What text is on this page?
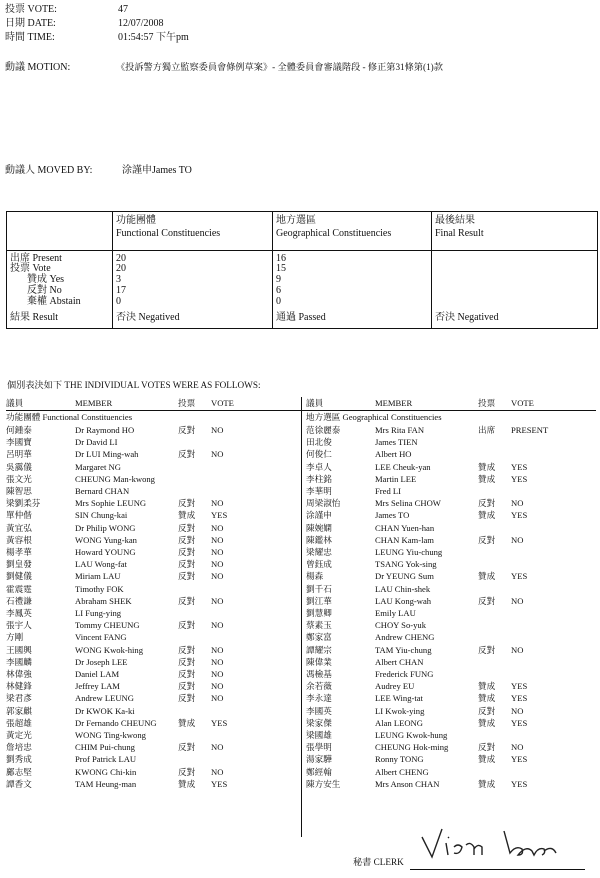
投票 VOTE:	47
日期 DATE:	12/07/2008
時間 TIME:	01:54:57 下午pm
動議 MOTION:	《投訴警方獨立監察委員會條例草案》- 全體委員會審議階段 - 修正第31條第(1)款
動議人 MOVED BY:	涂謹申James TO
功能團體
Functional Constituencies
地方選區
Geographical Constituencies
最後結果
Final Result
出席 Present	20	16
投票 Vote	20	15
贊成 Yes	3	9
反對 No	17	6
棄權 Abstain	0	0
結果 Result	否決 Negatived	通過 Passed	否決 Negatived
個別表決如下 THE INDIVIDUAL VOTES WERE AS FOLLOWS:
議員	MEMBER	投票 VOTE	議員	MEMBER	投票 VOTE
功能團體 Functional Constituencies	地方選區 Geographical Constituencies
何鍾泰	Dr Raymond HO	反對 NO
李國寶	Dr David LI
呂明華	Dr LUI Ming-wah	反對 NO
吳靄儀	Margaret NG
張文光	CHEUNG Man-kwong
陳智思	Bernard CHAN
梁劉柔芬	Mrs Sophie LEUNG	反對 NO
單仲偕	SIN Chung-kai	贊成 YES
黃宜弘	Dr Philip WONG	反對 NO
黃容根	WONG Yung-kan	反對 NO
楊孝華	Howard YOUNG	反對 NO
劉皇發	LAU Wong-fat	反對 NO
劉健儀	Miriam LAU	反對 NO
霍震霆	Timothy FOK
石禮謙	Abraham SHEK	反對 NO
李鳳英	LI Fung-ying
張宇人	Tommy CHEUNG	反對 NO
方剛	Vincent FANG
王國興	WONG Kwok-hing	反對 NO
李國麟	Dr Joseph LEE	反對 NO
林偉強	Daniel LAM	反對 NO
林健鋒	Jeffrey LAM	反對 NO
梁君彥	Andrew LEUNG	反對 NO
郭家麒	Dr KWOK Ka-ki
張超雄	Dr Fernando CHEUNG 贊成 YES
黃定光	WONG Ting-kwong
詹培忠	CHIM Pui-chung	反對 NO
劉秀成	Prof Patrick LAU
鄺志堅	KWONG Chi-kin	反對 NO
譚香文	TAM Heung-man	贊成 YES
范徐麗泰	Mrs Rita FAN	出席 PRESENT
田北俊	James TIEN
何俊仁	Albert HO
李卓人	LEE Cheuk-yan	贊成 YES
李柱銘	Martin LEE	贊成 YES
李華明	Fred LI
周梁淑怡	Mrs Selina CHOW	反對 NO
涂謹申	James TO	贊成 YES
陳婉嫻	CHAN Yuen-han
陳鑑林	CHAN Kam-lam	反對 NO
梁耀忠	LEUNG Yiu-chung
曾鈺成	TSANG Yok-sing
楊森	Dr YEUNG Sum	贊成 YES
劉千石	LAU Chin-shek
劉江華	LAU Kong-wah	反對 NO
劉慧卿	Emily LAU
蔡素玉	CHOY So-yuk
鄭家富	Andrew CHENG
譚耀宗	TAM Yiu-chung	反對 NO
陳偉業	Albert CHAN
馮檢基	Frederick FUNG
余若薇	Audrey EU	贊成 YES
李永達	LEE Wing-tat	贊成 YES
李國英	LI Kwok-ying	反對 NO
梁家傑	Alan LEONG	贊成 YES
梁國雄	LEUNG Kwok-hung
張學明	CHEUNG Hok-ming	反對 NO
湯家驊	Ronny TONG	贊成 YES
鄭經翰	Albert CHENG
陳方安生	Mrs Anson CHAN	贊成 YES
秘書 CLERK
